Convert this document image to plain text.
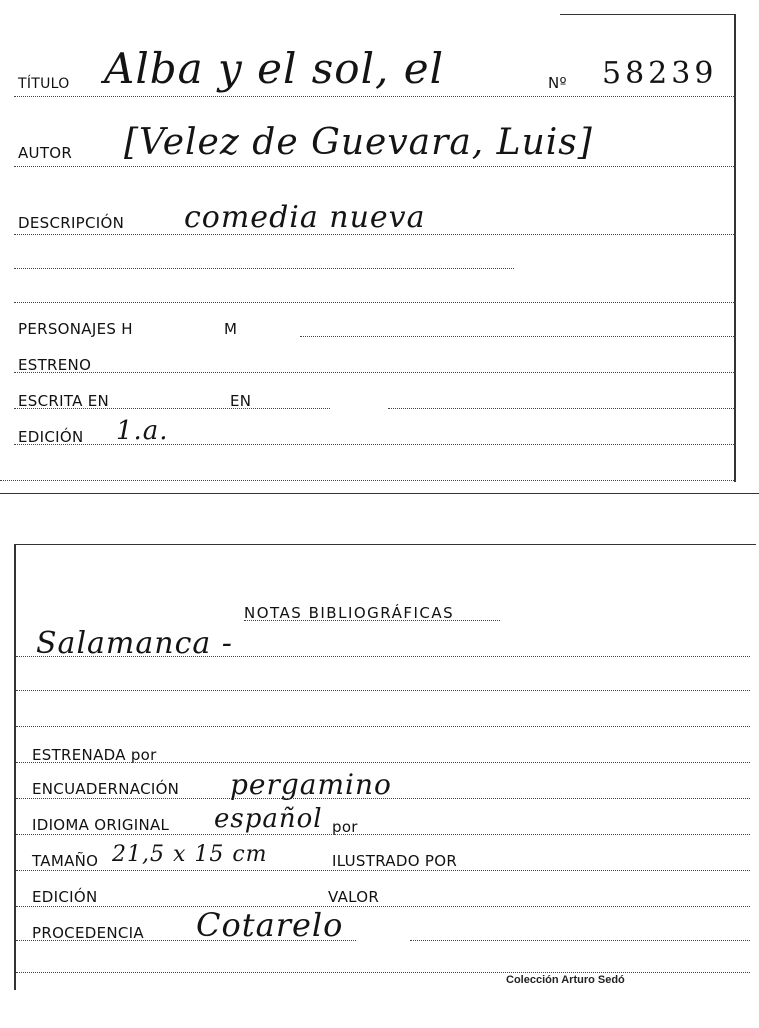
TÍTULO Alba y el sol, el	Nº 58239
AUTOR [Velez de Guevara, Luis]
DESCRIPCIÓN comedia nueva
PERSONAJES H	M
ESTRENO
ESCRITA EN	EN
EDICIÓN 1.a.
NOTAS BIBLIOGRÁFICAS
Salamanca -
ESTRENADA por
ENCUADERNACIÓN pergamino
IDIOMA ORIGINAL español por
TAMAÑO 21,5 x 15 cm	ILUSTRADO POR
EDICIÓN	VALOR
PROCEDENCIA Cotarelo
Colección Arturo Sedó
